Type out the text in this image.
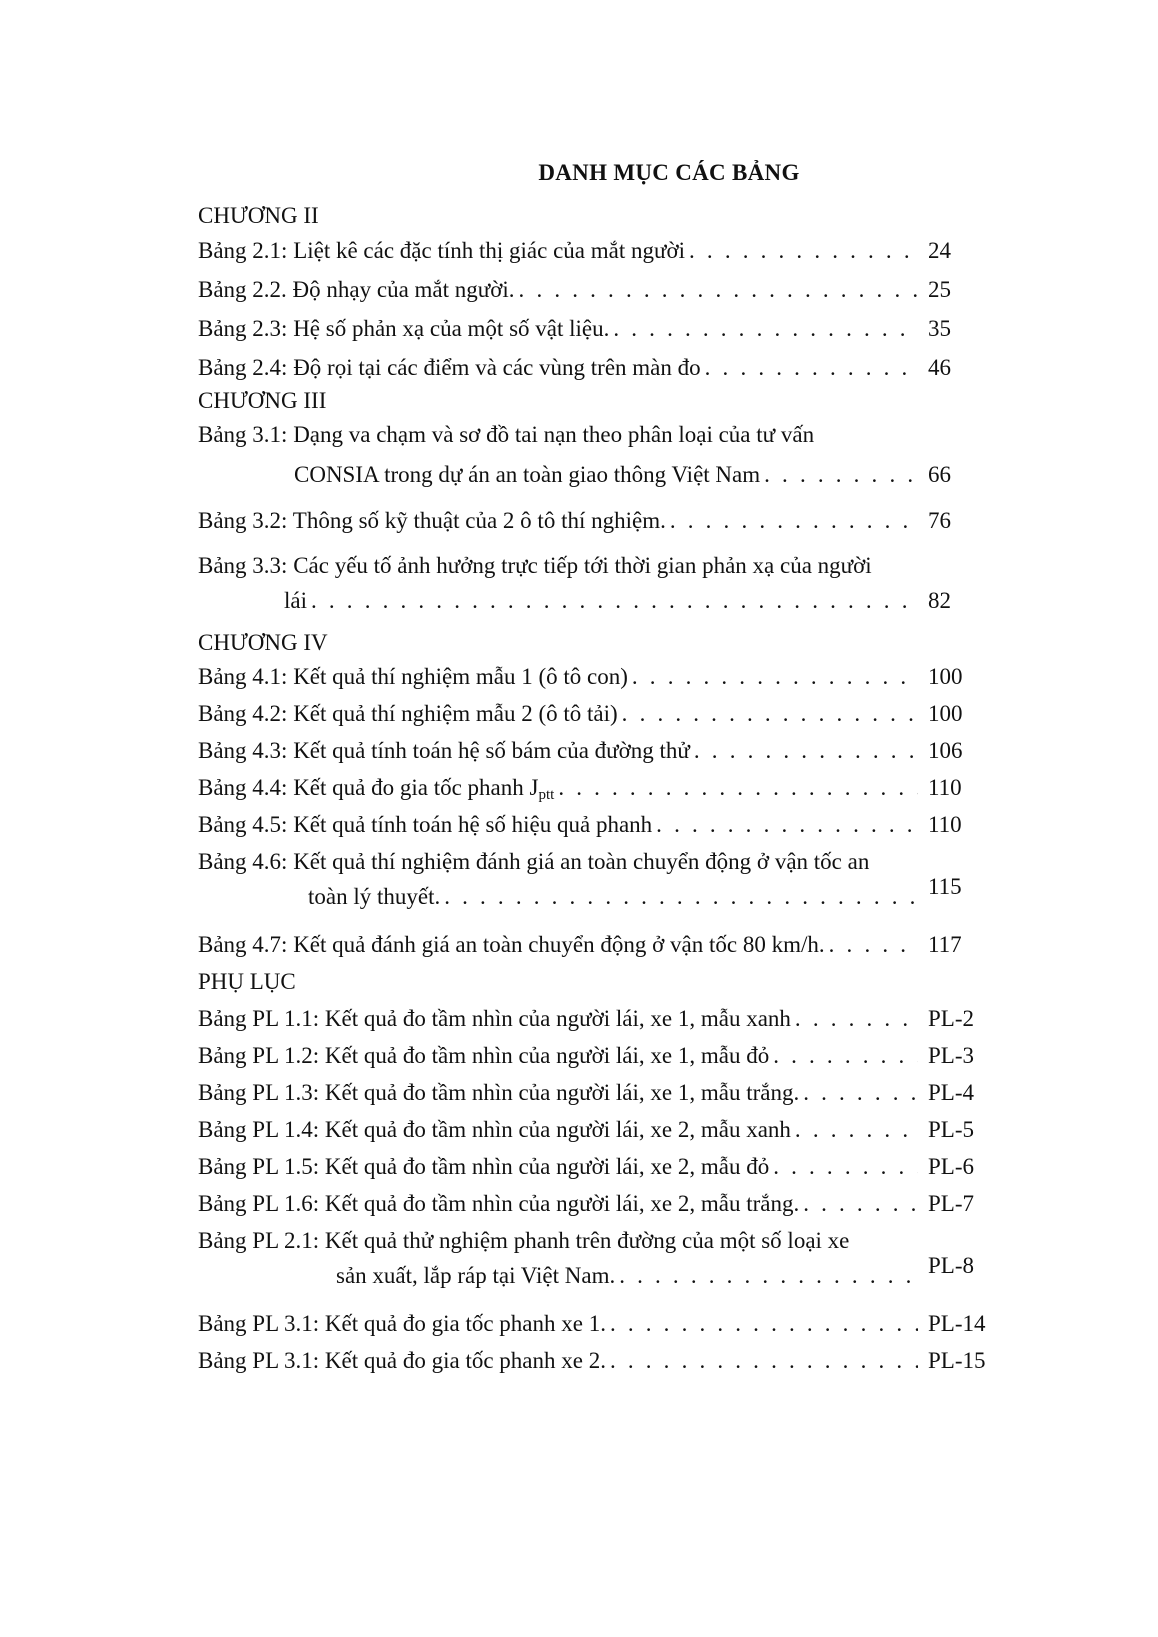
DANH MỤC CÁC BẢNG
CHƯƠNG II
Bảng 2.1: Liệt kê các đặc tính thị giác của mắt người . . .	24
Bảng 2.2. Độ nhạy của mắt người. . . .	25
Bảng 2.3: Hệ số phản xạ của một số vật liệu. . . .	35
Bảng 2.4: Độ rọi tại các điểm và các vùng trên màn đo . . .	46
CHƯƠNG III
Bảng 3.1: Dạng va chạm và sơ đồ tai nạn theo phân loại của tư vấn
CONSIA trong dự án an toàn giao thông Việt Nam . . .	66
Bảng 3.2: Thông số kỹ thuật của 2 ô tô thí nghiệm. . . .	76
Bảng 3.3: Các yếu tố ảnh hưởng trực tiếp tới thời gian phản xạ của người
lái . . .	82
CHƯƠNG IV
Bảng 4.1: Kết quả thí nghiệm mẫu 1 (ô tô con) . . .	100
Bảng 4.2: Kết quả thí nghiệm mẫu 2 (ô tô tải) . . .	100
Bảng 4.3: Kết quả tính toán hệ số bám của đường thử . . .	106
Bảng 4.4: Kết quả đo gia tốc phanh $J_{ptt}$ . . .	110
Bảng 4.5: Kết quả tính toán hệ số hiệu quả phanh . . .	110
Bảng 4.6: Kết quả thí nghiệm đánh giá an toàn chuyển động ở vận tốc an
toàn lý thuyết. . . .	115
Bảng 4.7: Kết quả đánh giá an toàn chuyển động ở vận tốc 80 km/h. . . .	117
PHỤ LỤC
Bảng PL 1.1: Kết quả đo tầm nhìn của người lái, xe 1, mẫu xanh . . .	PL-2
Bảng PL 1.2: Kết quả đo tầm nhìn của người lái, xe 1, mẫu đỏ . . .	PL-3
Bảng PL 1.3: Kết quả đo tầm nhìn của người lái, xe 1, mẫu trắng. . . .	PL-4
Bảng PL 1.4: Kết quả đo tầm nhìn của người lái, xe 2, mẫu xanh . . .	PL-5
Bảng PL 1.5: Kết quả đo tầm nhìn của người lái, xe 2, mẫu đỏ . . .	PL-6
Bảng PL 1.6: Kết quả đo tầm nhìn của người lái, xe 2, mẫu trắng. . . .	PL-7
Bảng PL 2.1: Kết quả thử nghiệm phanh trên đường của một số loại xe
sản xuất, lắp ráp tại Việt Nam. . . .	PL-8
Bảng PL 3.1: Kết quả đo gia tốc phanh xe 1. . . .	PL-14
Bảng PL 3.1: Kết quả đo gia tốc phanh xe 2. . . .	PL-15
